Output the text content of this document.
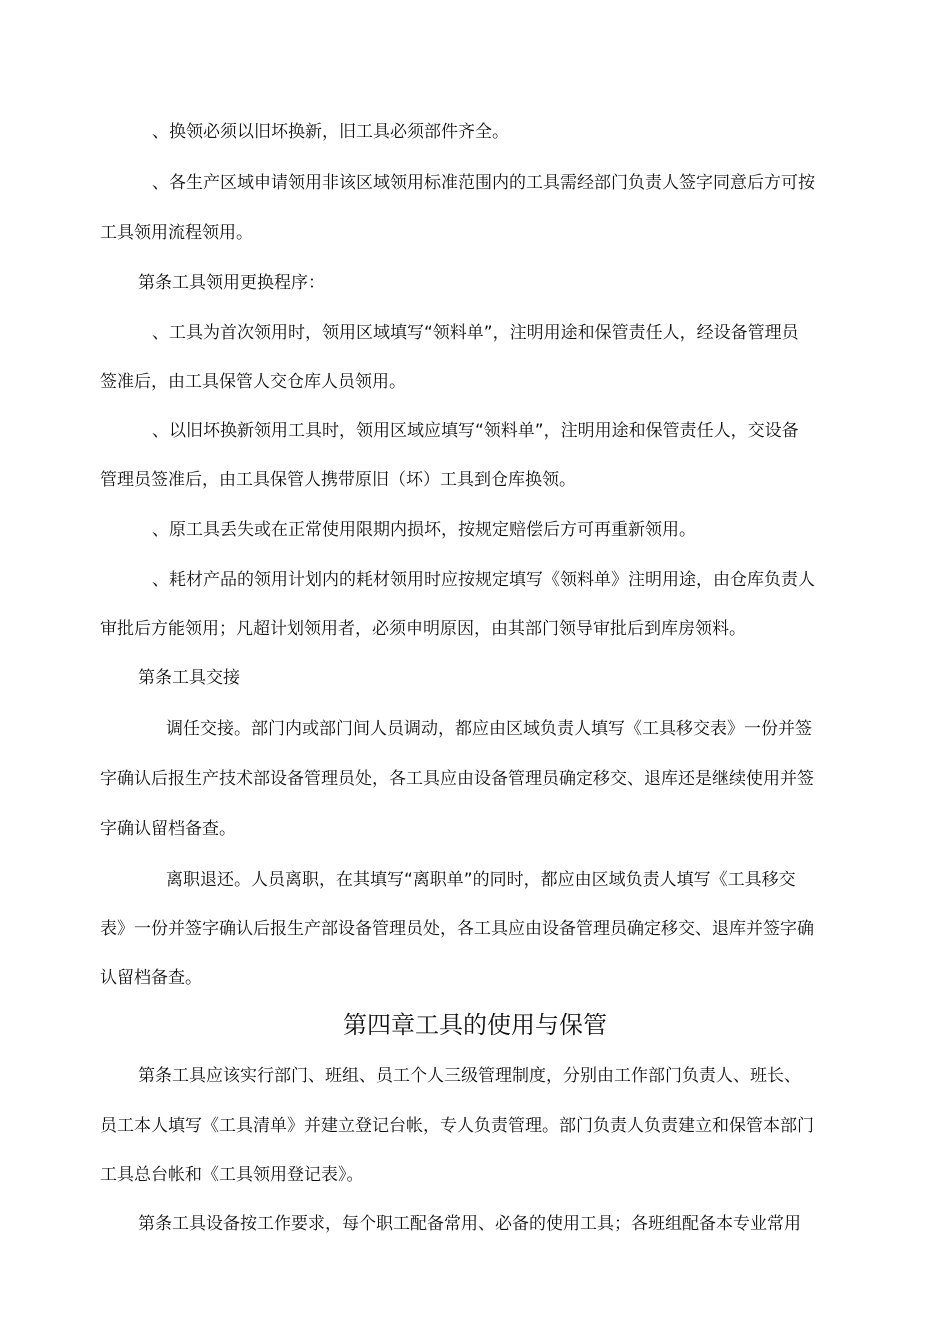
、换领必须以旧坏换新，旧工具必须部件齐全。
、各生产区域申请领用非该区域领用标准范围内的工具需经部门负责人签字同意后方可按
工具领用流程领用。
第条工具领用更换程序：
、工具为首次领用时，领用区域填写“领料单”，注明用途和保管责任人，经设备管理员
签准后，由工具保管人交仓库人员领用。
、以旧坏换新领用工具时，领用区域应填写“领料单”，注明用途和保管责任人，交设备
管理员签准后，由工具保管人携带原旧（坏）工具到仓库换领。
、原工具丢失或在正常使用限期内损坏，按规定赔偿后方可再重新领用。
、耗材产品的领用计划内的耗材领用时应按规定填写《领料单》注明用途，由仓库负责人
审批后方能领用；凡超计划领用者，必须申明原因，由其部门领导审批后到库房领料。
第条工具交接
调任交接。部门内或部门间人员调动，都应由区域负责人填写《工具移交表》一份并签
字确认后报生产技术部设备管理员处，各工具应由设备管理员确定移交、退库还是继续使用并签
字确认留档备查。
离职退还。人员离职，在其填写“离职单”的同时，都应由区域负责人填写《工具移交
表》一份并签字确认后报生产部设备管理员处，各工具应由设备管理员确定移交、退库并签字确
认留档备查。
第四章工具的使用与保管
第条工具应该实行部门、班组、员工个人三级管理制度，分别由工作部门负责人、班长、
员工本人填写《工具清单》并建立登记台帐，专人负责管理。部门负责人负责建立和保管本部门
工具总台帐和《工具领用登记表》。
第条工具设备按工作要求，每个职工配备常用、必备的使用工具；各班组配备本专业常用
